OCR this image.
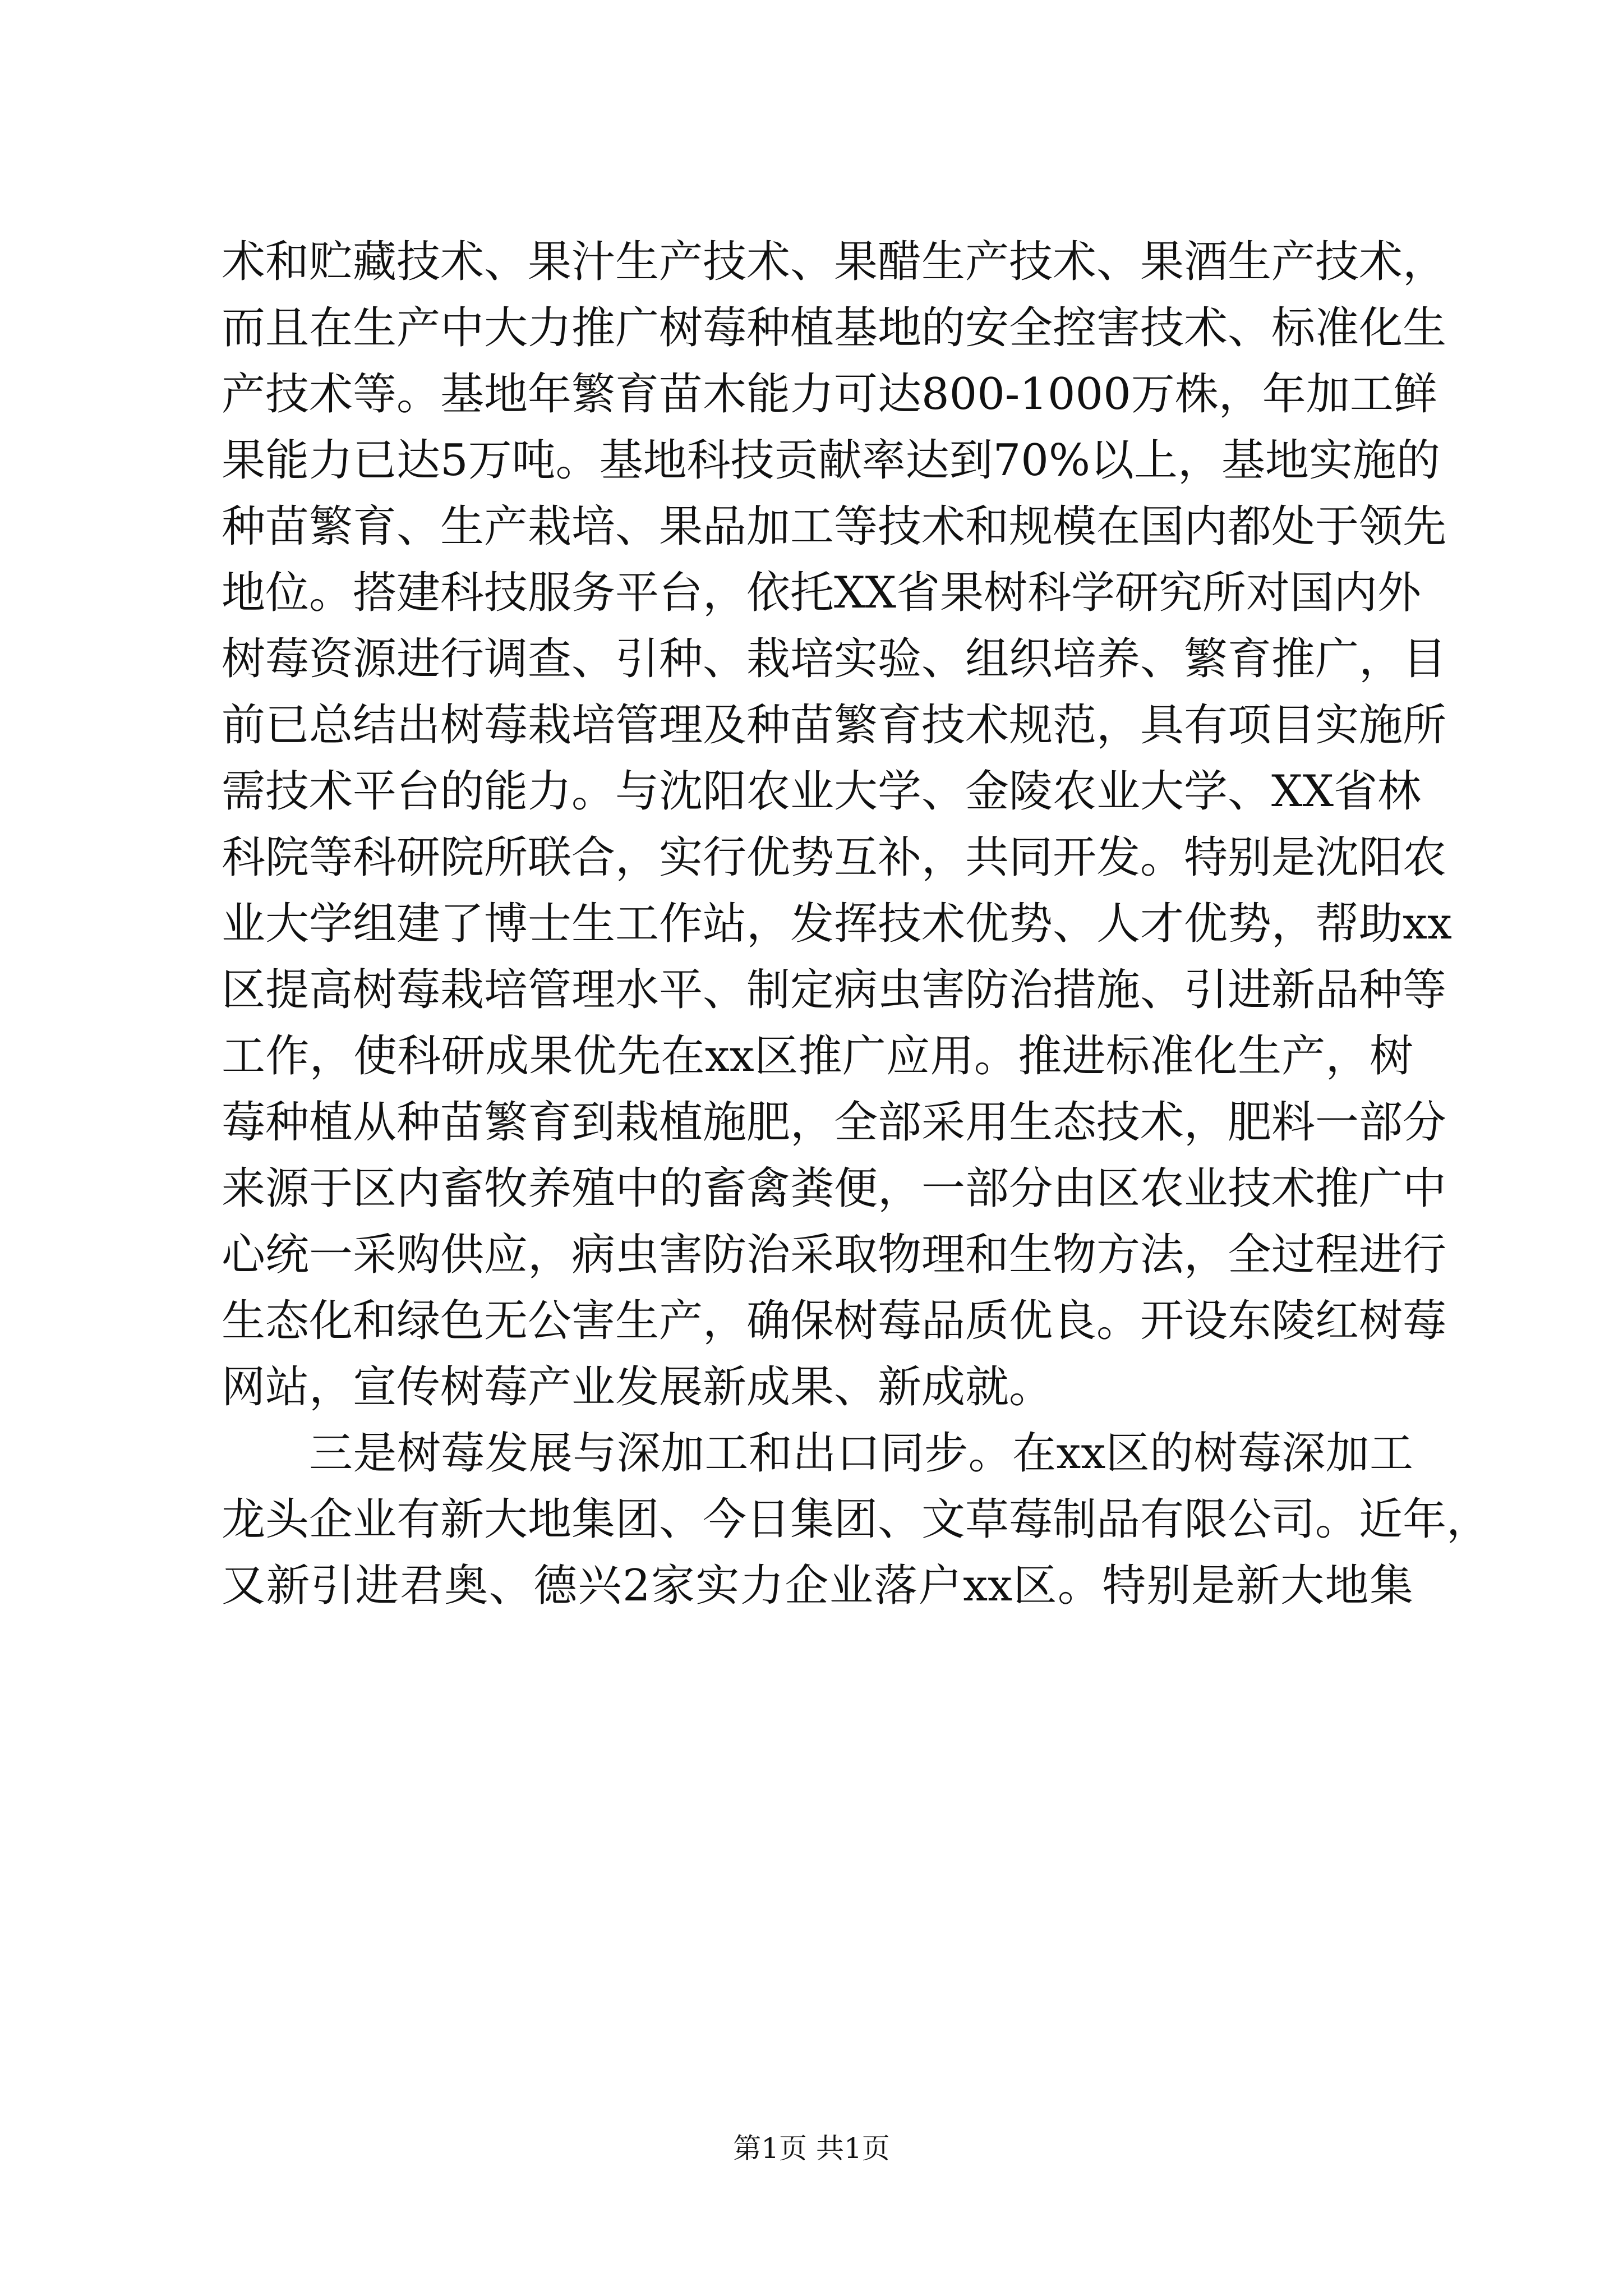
术和贮藏技术、果汁生产技术、果醋生产技术、果酒生产技术，
而且在生产中大力推广树莓种植基地的安全控害技术、标准化生
产技术等。基地年繁育苗木能力可达800-1000万株，年加工鲜
果能力已达5万吨。基地科技贡献率达到70%以上，基地实施的
种苗繁育、生产栽培、果品加工等技术和规模在国内都处于领先
地位。搭建科技服务平台，依托XX省果树科学研究所对国内外
树莓资源进行调查、引种、栽培实验、组织培养、繁育推广，目
前已总结出树莓栽培管理及种苗繁育技术规范，具有项目实施所
需技术平台的能力。与沈阳农业大学、金陵农业大学、XX省林
科院等科研院所联合，实行优势互补，共同开发。特别是沈阳农
业大学组建了博士生工作站，发挥技术优势、人才优势，帮助xx
区提高树莓栽培管理水平、制定病虫害防治措施、引进新品种等
工作，使科研成果优先在xx区推广应用。推进标准化生产，树
莓种植从种苗繁育到栽植施肥，全部采用生态技术，肥料一部分
来源于区内畜牧养殖中的畜禽粪便，一部分由区农业技术推广中
心统一采购供应，病虫害防治采取物理和生物方法，全过程进行
生态化和绿色无公害生产，确保树莓品质优良。开设东陵红树莓
网站，宣传树莓产业发展新成果、新成就。
三是树莓发展与深加工和出口同步。在xx区的树莓深加工
龙头企业有新大地集团、今日集团、文草莓制品有限公司。近年，
又新引进君奥、德兴2家实力企业落户xx区。特别是新大地集
第1页 共1页
